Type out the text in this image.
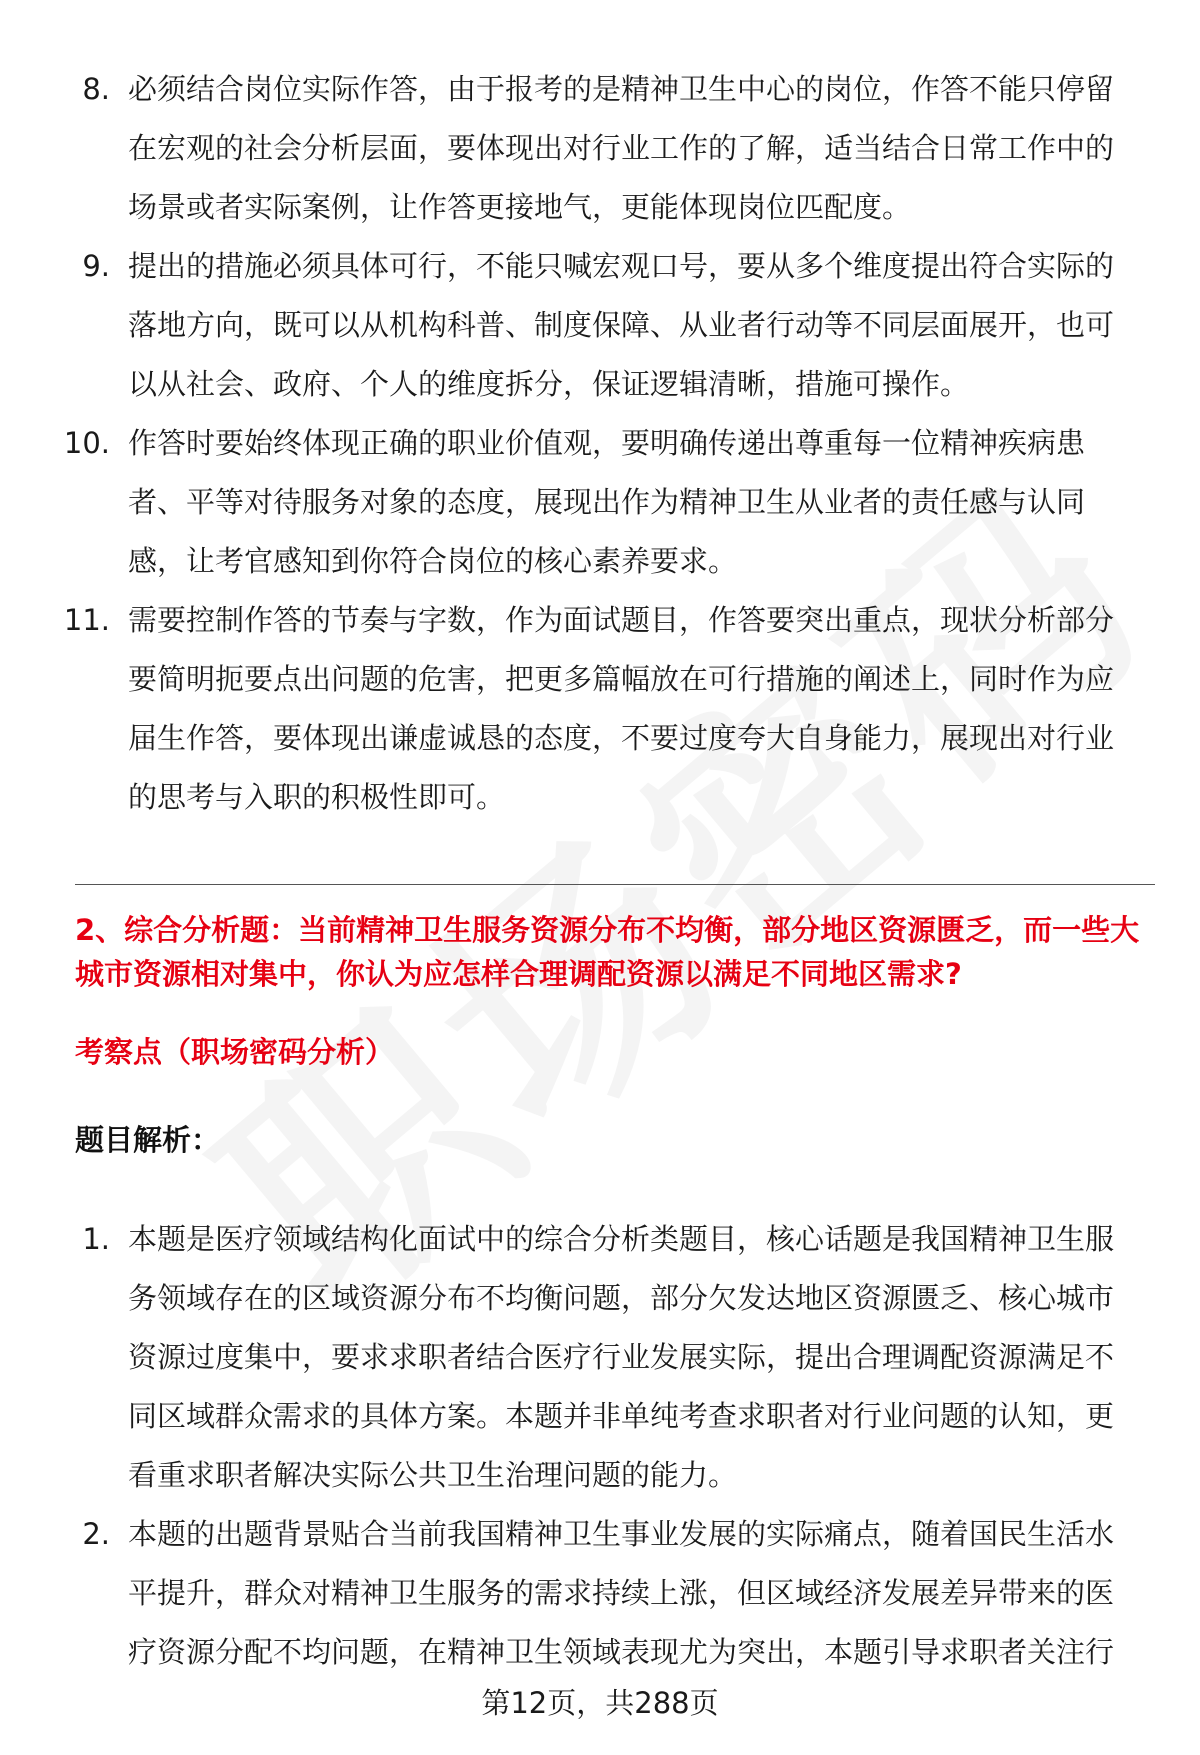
8. 必须结合岗位实际作答，由于报考的是精神卫生中心的岗位，作答不能只停留在宏观的社会分析层面，要体现出对行业工作的了解，适当结合日常工作中的场景或者实际案例，让作答更接地气，更能体现岗位匹配度。
9. 提出的措施必须具体可行，不能只喊宏观口号，要从多个维度提出符合实际的落地方向，既可以从机构科普、制度保障、从业者行动等不同层面展开，也可以从社会、政府、个人的维度拆分，保证逻辑清晰，措施可操作。
10. 作答时要始终体现正确的职业价值观，要明确传递出尊重每一位精神疾病患者、平等对待服务对象的态度，展现出作为精神卫生从业者的责任感与认同感，让考官感知到你符合岗位的核心素养要求。
11. 需要控制作答的节奏与字数，作为面试题目，作答要突出重点，现状分析部分要简明扼要点出问题的危害，把更多篇幅放在可行措施的阐述上，同时作为应届生作答，要体现出谦虚诚恳的态度，不要过度夸大自身能力，展现出对行业的思考与入职的积极性即可。
2、综合分析题：当前精神卫生服务资源分布不均衡，部分地区资源匮乏，而一些大城市资源相对集中，你认为应怎样合理调配资源以满足不同地区需求?
考察点（职场密码分析）
题目解析：
1. 本题是医疗领域结构化面试中的综合分析类题目，核心话题是我国精神卫生服务领域存在的区域资源分布不均衡问题，部分欠发达地区资源匮乏、核心城市资源过度集中，要求求职者结合医疗行业发展实际，提出合理调配资源满足不同区域群众需求的具体方案。本题并非单纯考查求职者对行业问题的认知，更看重求职者解决实际公共卫生治理问题的能力。
2. 本题的出题背景贴合当前我国精神卫生事业发展的实际痛点，随着国民生活水平提升，群众对精神卫生服务的需求持续上涨，但区域经济发展差异带来的医疗资源分配不均问题，在精神卫生领域表现尤为突出，本题引导求职者关注行
第12页，共288页
